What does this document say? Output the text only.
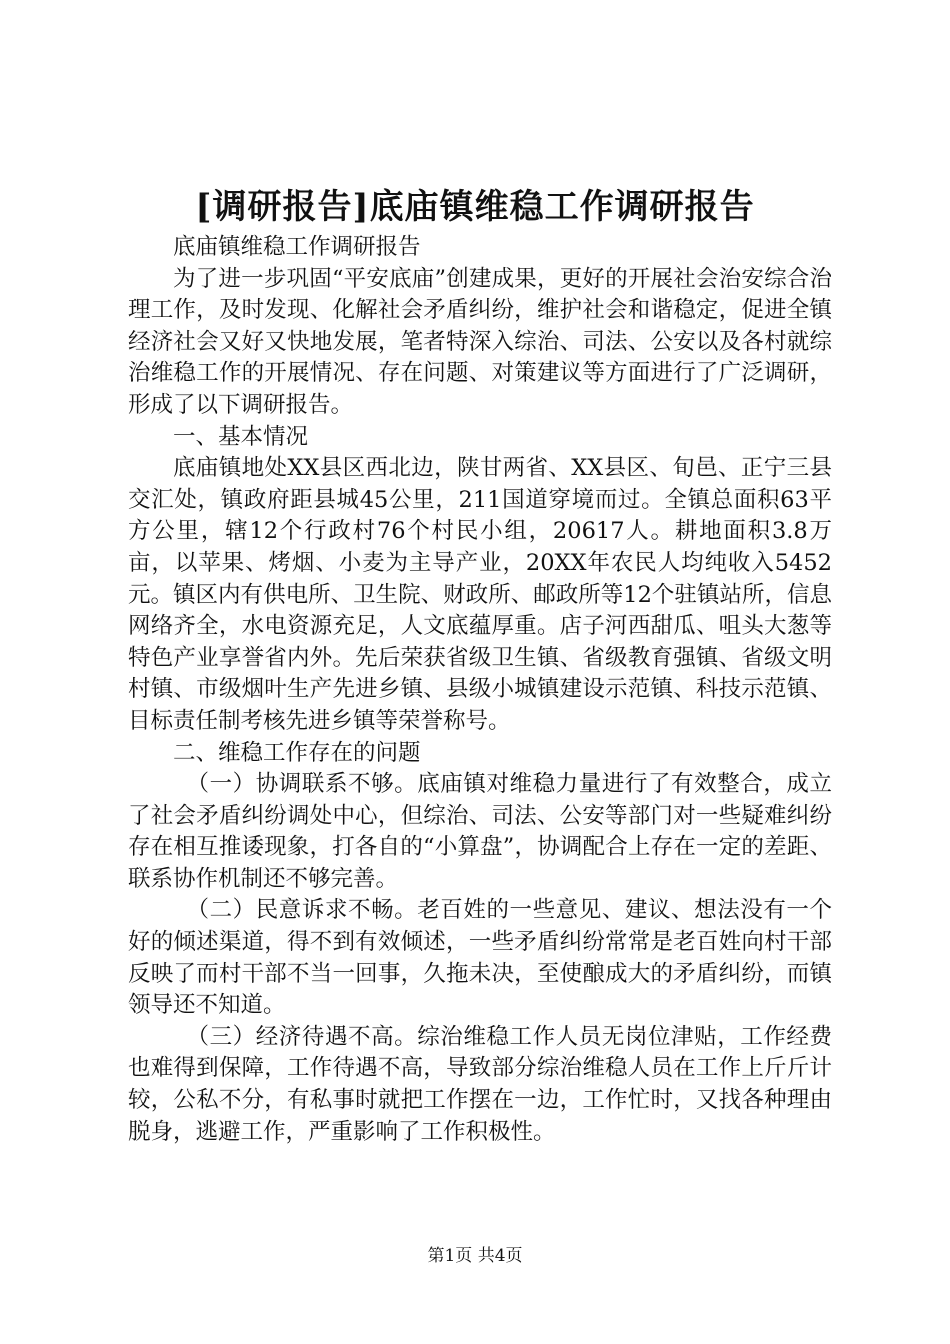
[调研报告]底庙镇维稳工作调研报告

底庙镇维稳工作调研报告

为了进一步巩固“平安底庙”创建成果，更好的开展社会治安综合治理工作，及时发现、化解社会矛盾纠纷，维护社会和谐稳定，促进全镇经济社会又好又快地发展，笔者特深入综治、司法、公安以及各村就综治维稳工作的开展情况、存在问题、对策建议等方面进行了广泛调研，形成了以下调研报告。

一、基本情况

底庙镇地处XX县区西北边，陕甘两省、XX县区、旬邑、正宁三县交汇处，镇政府距县城45公里，211国道穿境而过。全镇总面积63平方公里，辖12个行政村76个村民小组，20617人。耕地面积3.8万亩，以苹果、烤烟、小麦为主导产业，20XX年农民人均纯收入5452元。镇区内有供电所、卫生院、财政所、邮政所等12个驻镇站所，信息网络齐全，水电资源充足，人文底蕴厚重。店子河西甜瓜、咀头大葱等特色产业享誉省内外。先后荣获省级卫生镇、省级教育强镇、省级文明村镇、市级烟叶生产先进乡镇、县级小城镇建设示范镇、科技示范镇、目标责任制考核先进乡镇等荣誉称号。

二、维稳工作存在的问题

（一）协调联系不够。底庙镇对维稳力量进行了有效整合，成立了社会矛盾纠纷调处中心，但综治、司法、公安等部门对一些疑难纠纷存在相互推诿现象，打各自的“小算盘”，协调配合上存在一定的差距、联系协作机制还不够完善。

（二）民意诉求不畅。老百姓的一些意见、建议、想法没有一个好的倾述渠道，得不到有效倾述，一些矛盾纠纷常常是老百姓向村干部反映了而村干部不当一回事，久拖未决，至使酿成大的矛盾纠纷，而镇领导还不知道。

（三）经济待遇不高。综治维稳工作人员无岗位津贴，工作经费也难得到保障，工作待遇不高，导致部分综治维稳人员在工作上斤斤计较，公私不分，有私事时就把工作摆在一边，工作忙时，又找各种理由脱身，逃避工作，严重影响了工作积极性。

第1页 共4页
